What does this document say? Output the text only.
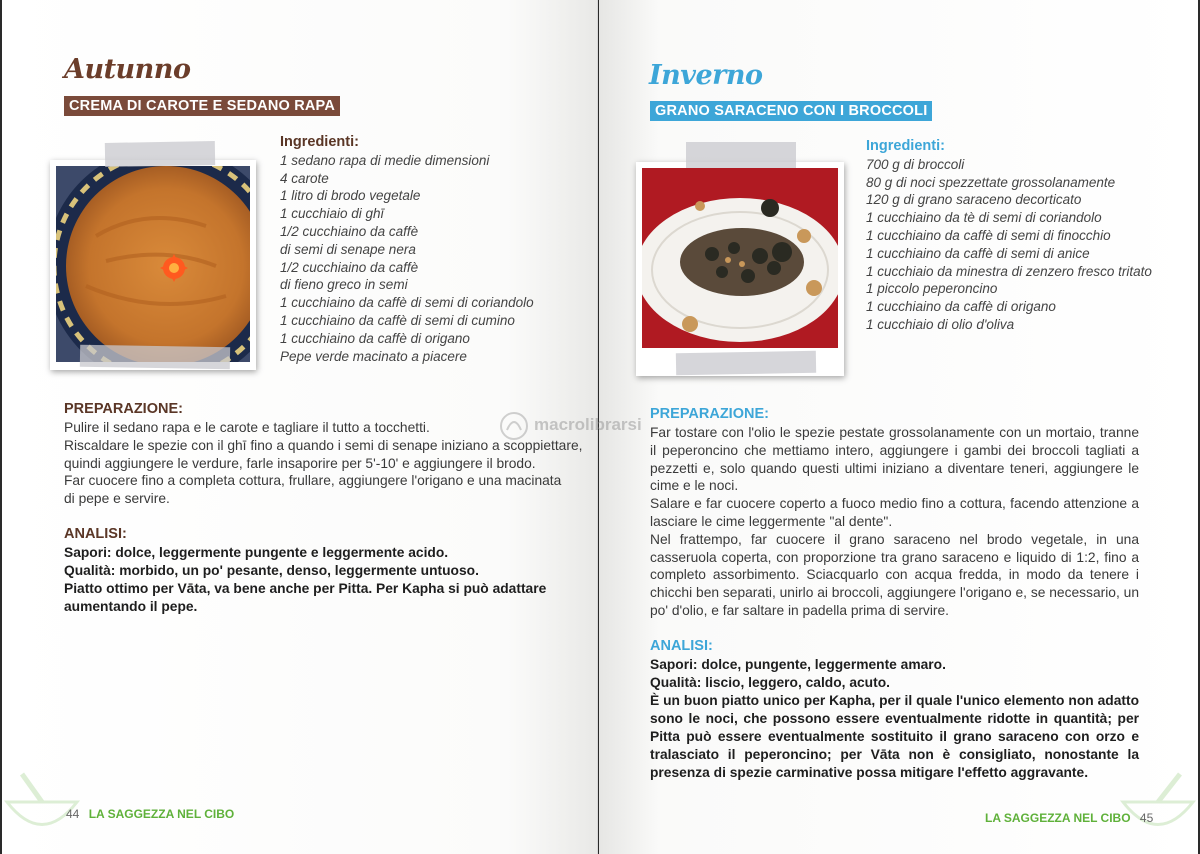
Autunno
CREMA DI CAROTE E SEDANO RAPA
Ingredienti:
1 sedano rapa di medie dimensioni
4 carote
1 litro di brodo vegetale
1 cucchiaio di ghī
1/2 cucchiaino da caffè
di semi di senape nera
1/2 cucchiaino da caffè
di fieno greco in semi
1 cucchiaino da caffè di semi di coriandolo
1 cucchiaino da caffè di semi di cumino
1 cucchiaino da caffè di origano
Pepe verde macinato a piacere
PREPARAZIONE:
Pulire il sedano rapa e le carote e tagliare il tutto a tocchetti.
Riscaldare le spezie con il ghī fino a quando i semi di senape iniziano a scoppiettare,
quindi aggiungere le verdure, farle insaporire per 5'-10' e aggiungere il brodo.
Far cuocere fino a completa cottura, frullare, aggiungere l'origano e una macinata
di pepe e servire.
ANALISI:
Sapori: dolce, leggermente pungente e leggermente acido.
Qualità: morbido, un po' pesante, denso, leggermente untuoso.
Piatto ottimo per Vāta, va bene anche per Pitta. Per Kapha si può adattare
aumentando il pepe.
44 LA SAGGEZZA NEL CIBO
Inverno
GRANO SARACENO CON I BROCCOLI
Ingredienti:
700 g di broccoli
80 g di noci spezzettate grossolanamente
120 g di grano saraceno decorticato
1 cucchiaino da tè di semi di coriandolo
1 cucchiaino da caffè di semi di finocchio
1 cucchiaino da caffè di semi di anice
1 cucchiaio da minestra di zenzero fresco tritato
1 piccolo peperoncino
1 cucchiaino da caffè di origano
1 cucchiaio di olio d'oliva
PREPARAZIONE:
Far tostare con l'olio le spezie pestate grossolanamente con un mortaio, tranne il peperoncino che mettiamo intero, aggiungere i gambi dei broccoli tagliati a pezzetti e, solo quando questi ultimi iniziano a diventare teneri, aggiungere le cime e le noci.
Salare e far cuocere coperto a fuoco medio fino a cottura, facendo attenzione a lasciare le cime leggermente "al dente".
Nel frattempo, far cuocere il grano saraceno nel brodo vegetale, in una casseruola coperta, con proporzione tra grano saraceno e liquido di 1:2, fino a completo assorbimento. Sciacquarlo con acqua fredda, in modo da tenere i chicchi ben separati, unirlo ai broccoli, aggiungere l'origano e, se necessario, un po' d'olio, e far saltare in padella prima di servire.
ANALISI:
Sapori: dolce, pungente, leggermente amaro.
Qualità: liscio, leggero, caldo, acuto.
È un buon piatto unico per Kapha, per il quale l'unico elemento non adatto sono le noci, che possono essere eventualmente ridotte in quantità; per Pitta può essere eventualmente sostituito il grano saraceno con orzo e tralasciato il peperoncino; per Vāta non è consigliato, nonostante la presenza di spezie carminative possa mitigare l'effetto aggravante.
LA SAGGEZZA NEL CIBO 45
macrolibrarsi
